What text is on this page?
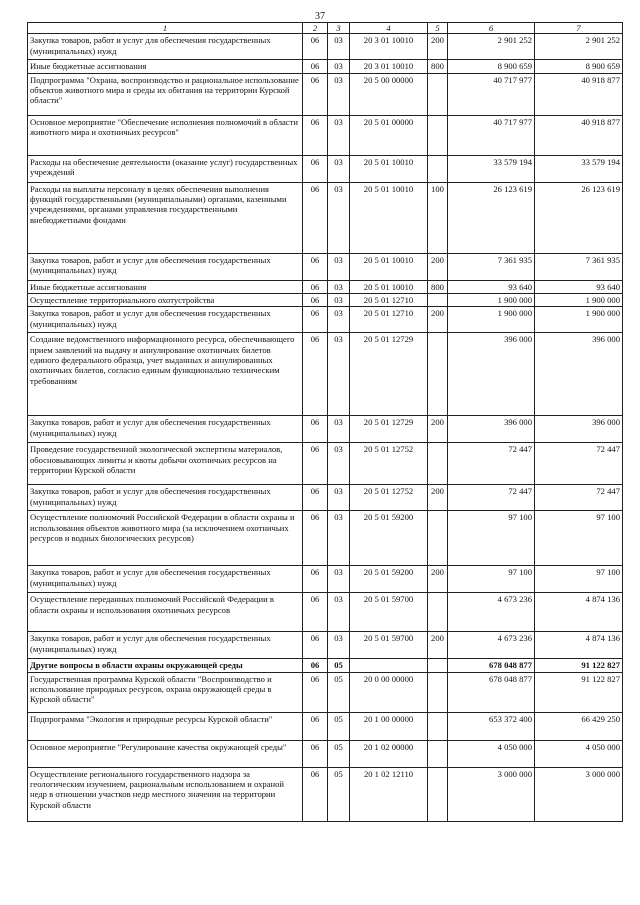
37
1	2	3	4	5	6	7
Закупка товаров, работ и услуг для обеспечения государственных (муниципальных) нужд	06	03	20 3 01 10010	200	2 901 252	2 901 252
Иные бюджетные ассигнования	06	03	20 3 01 10010	800	8 900 659	8 900 659
Подпрограмма "Охрана, воспроизводство и рациональное использование объектов животного мира и среды их обитания на территории Курской области"	06	03	20 5 00 00000		40 717 977	40 918 877
Основное мероприятие "Обеспечение исполнения полномочий в области животного мира и охотничьих ресурсов"	06	03	20 5 01 00000		40 717 977	40 918 877
Расходы на обеспечение деятельности (оказание услуг) государственных учреждений	06	03	20 5 01 10010		33 579 194	33 579 194
Расходы на выплаты персоналу в целях обеспечения выполнения функций государственными (муниципальными) органами, казенными учреждениями, органами управления государственными внебюджетными фондами	06	03	20 5 01 10010	100	26 123 619	26 123 619
Закупка товаров, работ и услуг для обеспечения государственных (муниципальных) нужд	06	03	20 5 01 10010	200	7 361 935	7 361 935
Иные бюджетные ассигнования	06	03	20 5 01 10010	800	93 640	93 640
Осуществление территориального охотустройства	06	03	20 5 01 12710		1 900 000	1 900 000
Закупка товаров, работ и услуг для обеспечения государственных (муниципальных) нужд	06	03	20 5 01 12710	200	1 900 000	1 900 000
Создание ведомственного информационного ресурса, обеспечивающего прием заявлений на выдачу и аннулирование охотничьих билетов единого федерального образца, учет выданных и аннулированных охотничьих билетов, согласно единым функционально техническим требованиям	06	03	20 5 01 12729		396 000	396 000
Закупка товаров, работ и услуг для обеспечения государственных (муниципальных) нужд	06	03	20 5 01 12729	200	396 000	396 000
Проведение государственной экологической экспертизы материалов, обосновывающих лимиты и квоты добычи охотничьих ресурсов на территории Курской области	06	03	20 5 01 12752		72 447	72 447
Закупка товаров, работ и услуг для обеспечения государственных (муниципальных) нужд	06	03	20 5 01 12752	200	72 447	72 447
Осуществление полномочий Российской Федерации в области охраны и использования объектов животного мира (за исключением охотничьих ресурсов и водных биологических ресурсов)	06	03	20 5 01 59200		97 100	97 100
Закупка товаров, работ и услуг для обеспечения государственных (муниципальных) нужд	06	03	20 5 01 59200	200	97 100	97 100
Осуществление переданных полномочий Российской Федерации в области охраны и использования охотничьих ресурсов	06	03	20 5 01 59700		4 673 236	4 874 136
Закупка товаров, работ и услуг для обеспечения государственных (муниципальных) нужд	06	03	20 5 01 59700	200	4 673 236	4 874 136
Другие вопросы в области охраны окружающей среды	06	05			678 048 877	91 122 827
Государственная программа Курской области "Воспроизводство и использование природных ресурсов, охрана окружающей среды в Курской области"	06	05	20 0 00 00000		678 048 877	91 122 827
Подпрограмма "Экология и природные ресурсы Курской области"	06	05	20 1 00 00000		653 372 400	66 429 250
Основное мероприятие "Регулирование качества окружающей среды"	06	05	20 1 02 00000		4 050 000	4 050 000
Осуществление регионального государственного надзора за геологическим изучением, рациональным использованием и охраной недр в отношении участков недр местного значения на территории Курской области	06	05	20 1 02 12110		3 000 000	3 000 000
